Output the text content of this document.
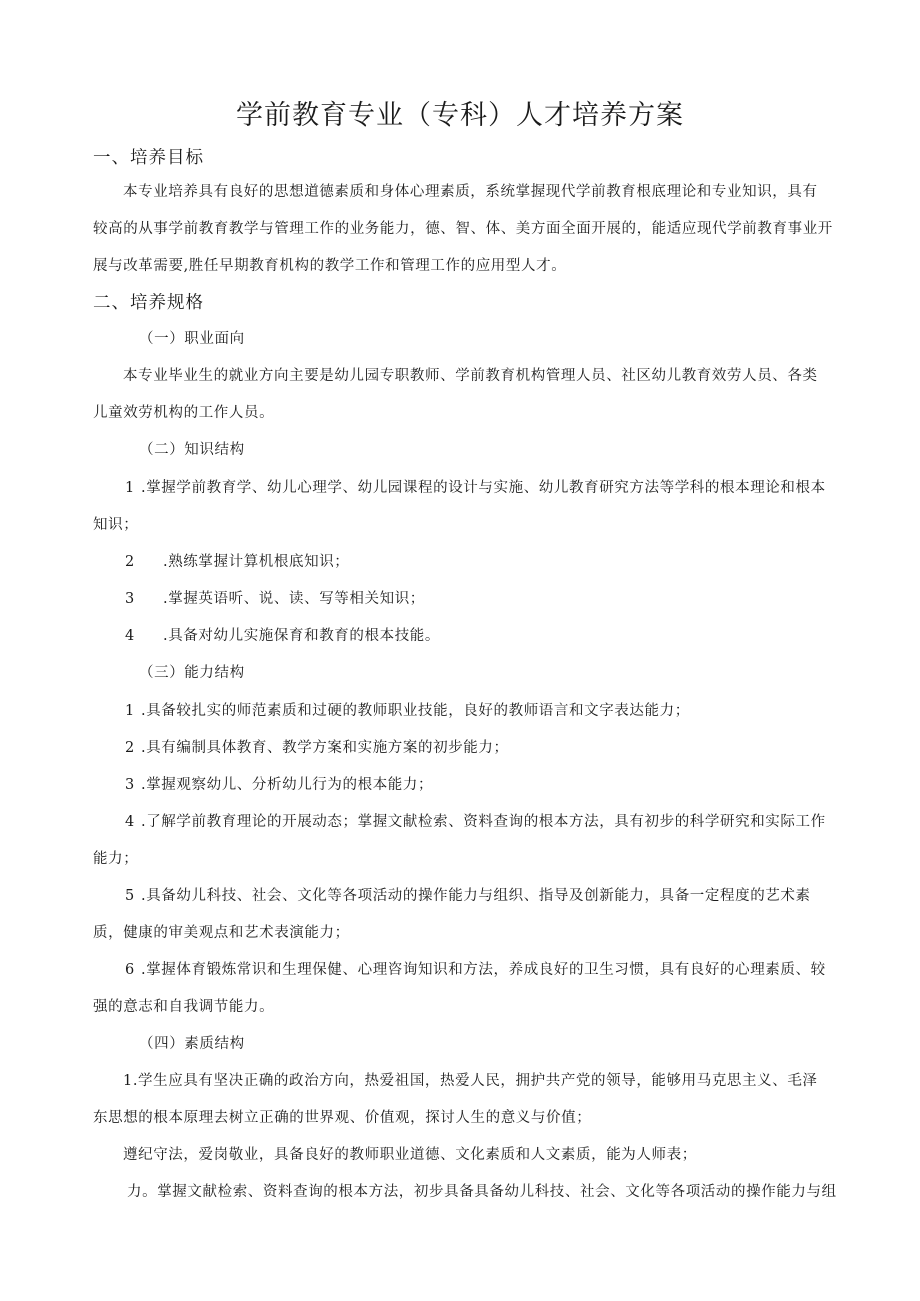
学前教育专业（专科）人才培养方案
一、培养目标
本专业培养具有良好的思想道德素质和身体心理素质，系统掌握现代学前教育根底理论和专业知识，具有
较高的从事学前教育教学与管理工作的业务能力，德、智、体、美方面全面开展的，能适应现代学前教育事业开
展与改革需要,胜任早期教育机构的教学工作和管理工作的应用型人才。
二、培养规格
（一）职业面向
本专业毕业生的就业方向主要是幼儿园专职教师、学前教育机构管理人员、社区幼儿教育效劳人员、各类
儿童效劳机构的工作人员。
（二）知识结构
1 .掌握学前教育学、幼儿心理学、幼儿园课程的设计与实施、幼儿教育研究方法等学科的根本理论和根本
知识；
2 .熟练掌握计算机根底知识；
3 .掌握英语听、说、读、写等相关知识；
4 .具备对幼儿实施保育和教育的根本技能。
（三）能力结构
1 .具备较扎实的师范素质和过硬的教师职业技能，良好的教师语言和文字表达能力；
2 .具有编制具体教育、教学方案和实施方案的初步能力；
3 .掌握观察幼儿、分析幼儿行为的根本能力；
4 .了解学前教育理论的开展动态；掌握文献检索、资料查询的根本方法，具有初步的科学研究和实际工作
能力；
5 .具备幼儿科技、社会、文化等各项活动的操作能力与组织、指导及创新能力，具备一定程度的艺术素
质，健康的审美观点和艺术表演能力；
6 .掌握体育锻炼常识和生理保健、心理咨询知识和方法，养成良好的卫生习惯，具有良好的心理素质、较
强的意志和自我调节能力。
（四）素质结构
1.学生应具有坚决正确的政治方向，热爱祖国，热爱人民，拥护共产党的领导，能够用马克思主义、毛泽
东思想的根本原理去树立正确的世界观、价值观，探讨人生的意义与价值；
遵纪守法，爱岗敬业，具备良好的教师职业道德、文化素质和人文素质，能为人师表；
力。掌握文献检索、资料查询的根本方法，初步具备具备幼儿科技、社会、文化等各项活动的操作能力与组
